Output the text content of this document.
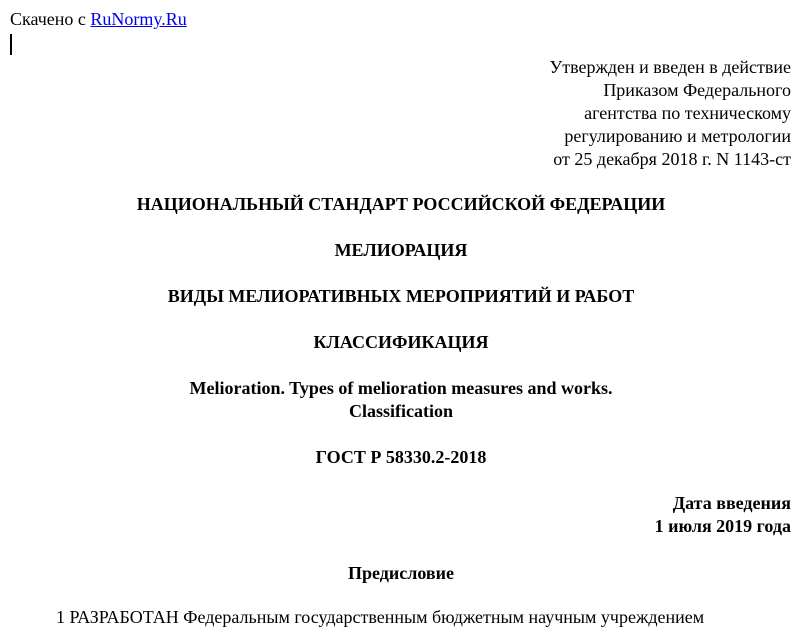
Скачено с RuNormy.Ru
Утвержден и введен в действие
Приказом Федерального
агентства по техническому
регулированию и метрологии
от 25 декабря 2018 г. N 1143-ст
НАЦИОНАЛЬНЫЙ СТАНДАРТ РОССИЙСКОЙ ФЕДЕРАЦИИ
МЕЛИОРАЦИЯ
ВИДЫ МЕЛИОРАТИВНЫХ МЕРОПРИЯТИЙ И РАБОТ
КЛАССИФИКАЦИЯ
Melioration. Types of melioration measures and works.
Classification
ГОСТ Р 58330.2-2018
Дата введения
1 июля 2019 года
Предисловие
1 РАЗРАБОТАН Федеральным государственным бюджетным научным учреждением
